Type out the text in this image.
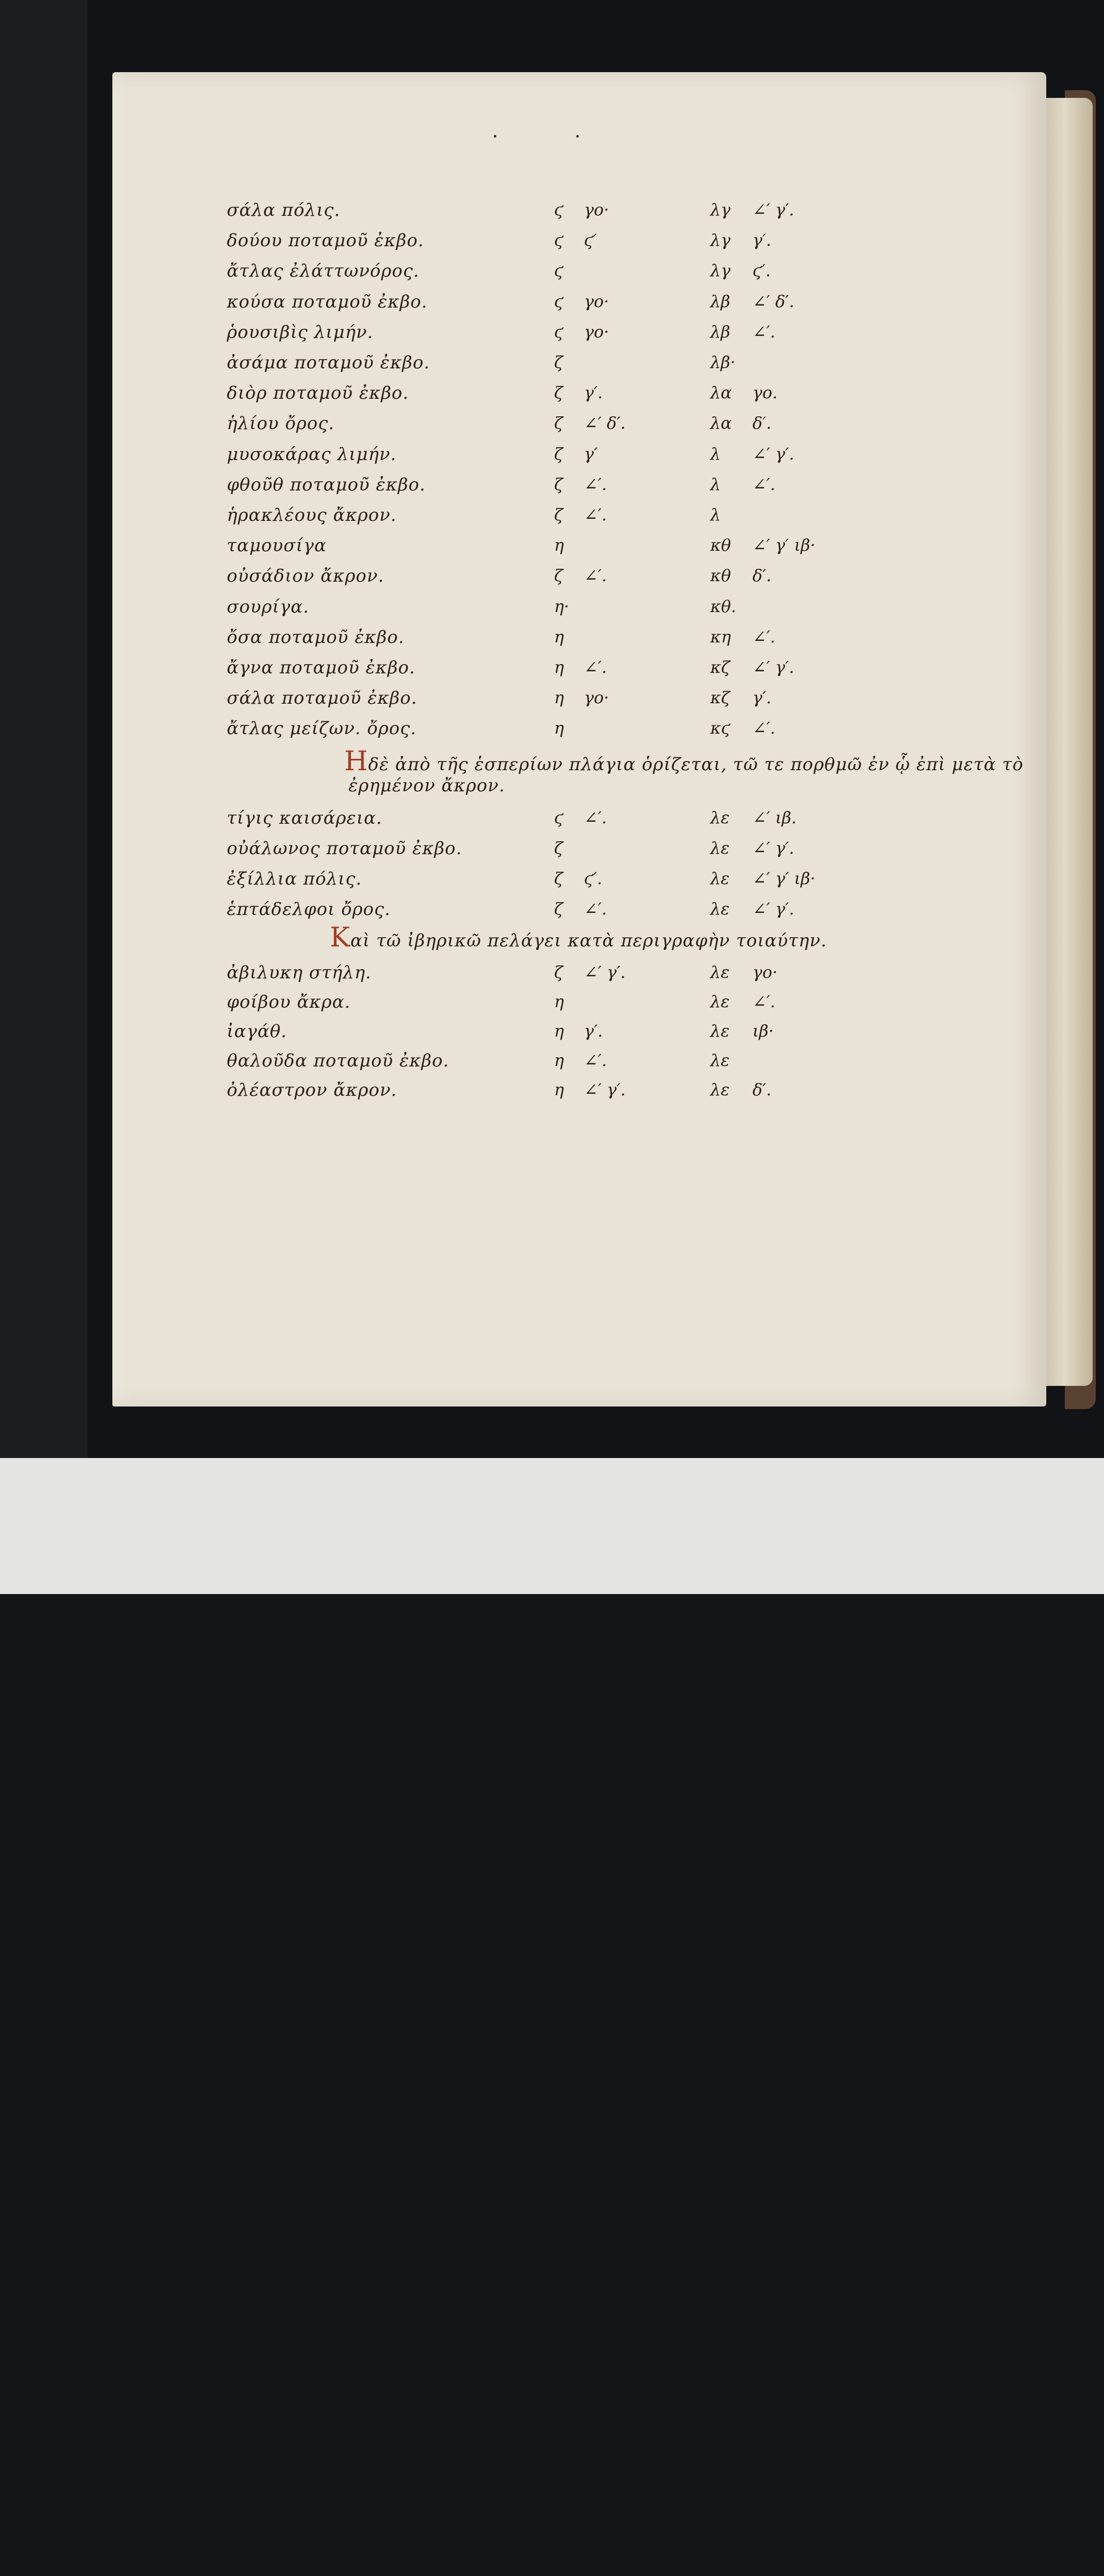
σάλα πόλις.	ϛ γο·	λγ ∠′ γ′.
δούου ποταμοῦ ἐκβο.	ϛ ϛ′	λγ γ′.
ἄτλας ἐλάττωνόρος.	ϛ	λγ ϛ′.
κούσα ποταμοῦ ἐκβο.	ϛ γο·	λβ ∠′ δ′.
ῥουσιβὶς λιμήν.	ϛ γο·	λβ ∠′.
ἀσάμα ποταμοῦ ἐκβο.	ζ	λβ·
διὸρ ποταμοῦ ἐκβο.	ζ γ′.	λα γο.
ἡλίου ὄρος.	ζ ∠′ δ′.	λα δ′.
μυσοκάρας λιμήν.	ζ γ′	λ ∠′ γ′.
φθοῦθ ποταμοῦ ἐκβο.	ζ ∠′.	λ ∠′.
ἡρακλέους ἄκρον.	ζ ∠′.	λ
ταμουσίγα	η	κθ ∠′ γ′ ιβ·
οὐσάδιον ἄκρον.	ζ ∠′.	κθ δ′.
σουρίγα.	η·	κθ.
ὄσα ποταμοῦ ἐκβο.	η	κη ∠′.
ἄγνα ποταμοῦ ἐκβο.	η ∠′.	κζ ∠′ γ′.
σάλα ποταμοῦ ἐκβο.	η γο·	κζ γ′.
ἄτλας μείζων. ὄρος.	η	κϛ ∠′.
Ηδὲ ἀπὸ τῆς ἑσπερίων πλάγια ὁρίζεται, τῶ τε πορθμῶ ἐν ᾧ ἐπὶ μετὰ τὸ
ἐρημένον ἄκρον.
τίγις καισάρεια.	ϛ ∠′.	λε ∠′ ιβ.
οὐάλωνος ποταμοῦ ἐκβο.	ζ	λε ∠′ γ′.
ἐξίλλια πόλις.	ζ ϛ′.	λε ∠′ γ′ ιβ·
ἑπτάδελφοι ὄρος.	ζ ∠′.	λε ∠′ γ′.
Καὶ τῶ ἰβηρικῶ πελάγει κατὰ περιγραφὴν τοιαύτην.
ἀβιλυκη στήλη.	ζ ∠′ γ′.	λε γο·
φοίβου ἄκρα.	η	λε ∠′.
ἰαγάθ.	η γ′.	λε ιβ·
θαλοῦδα ποταμοῦ ἐκβο.	η ∠′.	λε
ὀλέαστρον ἄκρον.	η ∠′ γ′.	λε δ′.
